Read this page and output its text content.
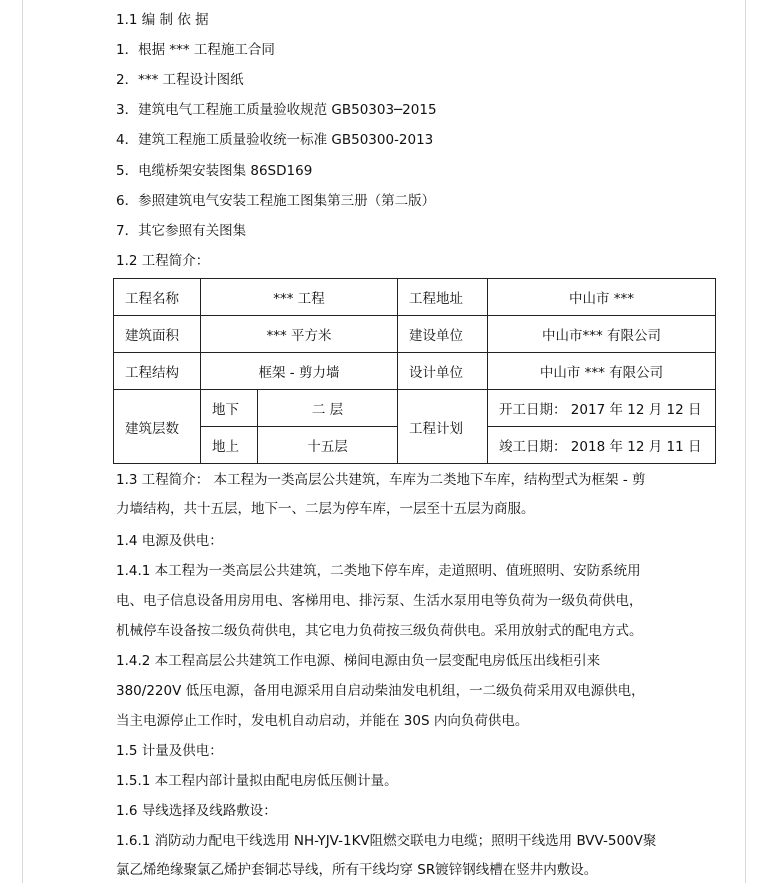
1.1 编 制 依 据
1．根据 *** 工程施工合同
2．*** 工程设计图纸
3．建筑电气工程施工质量验收规范 GB50303─2015
4．建筑工程施工质量验收统一标准 GB50300-2013
5．电缆桥架安装图集 86SD169
6．参照建筑电气安装工程施工图集第三册（第二版）
7．其它参照有关图集
1.2 工程简介：
工程名称	*** 工程		工程地址	中山市 ***
建筑面积	*** 平方米		建设单位	中山市*** 有限公司
工程结构	框架 - 剪力墙		设计单位	中山市 *** 有限公司
建筑层数	地下	二 层	工程计划	开工日期： 2017 年 12 月 12 日
	地上	十五层		竣工日期： 2018 年 12 月 11 日
1.3 工程简介： 本工程为一类高层公共建筑，车库为二类地下车库，结构型式为框架 - 剪
力墙结构，共十五层，地下一、二层为停车库，一层至十五层为商服。
1.4 电源及供电：
1.4.1 本工程为一类高层公共建筑，二类地下停车库，走道照明、值班照明、安防系统用
电、电子信息设备用房用电、客梯用电、排污泵、生活水泵用电等负荷为一级负荷供电，
机械停车设备按二级负荷供电，其它电力负荷按三级负荷供电。采用放射式的配电方式。
1.4.2 本工程高层公共建筑工作电源、梯间电源由负一层变配电房低压出线柜引来
380/220V 低压电源，备用电源采用自启动柴油发电机组，一二级负荷采用双电源供电，
当主电源停止工作时，发电机自动启动，并能在 30S 内向负荷供电。
1.5 计量及供电：
1.5.1 本工程内部计量拟由配电房低压侧计量。
1.6 导线选择及线路敷设：
1.6.1 消防动力配电干线选用 NH-YJV-1KV阻燃交联电力电缆；照明干线选用 BVV-500V聚
氯乙烯绝缘聚氯乙烯护套铜芯导线，所有干线均穿 SR镀锌钢线槽在竖井内敷设。
